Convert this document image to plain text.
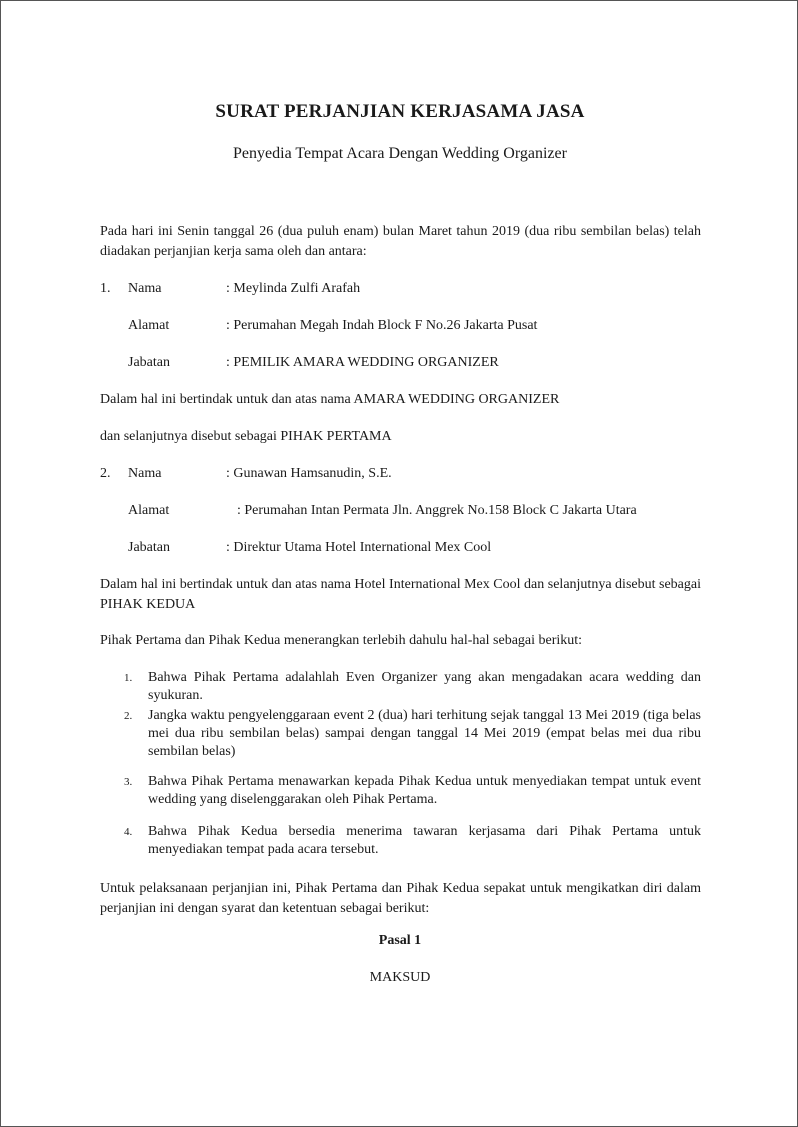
SURAT PERJANJIAN KERJASAMA JASA
Penyedia Tempat Acara Dengan Wedding Organizer
Pada hari ini Senin tanggal 26 (dua puluh enam) bulan Maret tahun 2019 (dua ribu sembilan belas) telah diadakan perjanjian kerja sama oleh dan antara:
1. Nama	: Meylinda Zulfi Arafah
Alamat	: Perumahan Megah Indah Block F No.26 Jakarta Pusat
Jabatan	: PEMILIK AMARA WEDDING ORGANIZER
Dalam hal ini bertindak untuk dan atas nama AMARA WEDDING ORGANIZER
dan selanjutnya disebut sebagai PIHAK PERTAMA
2. Nama	: Gunawan Hamsanudin, S.E.
Alamat	: Perumahan Intan Permata Jln. Anggrek No.158 Block C Jakarta Utara
Jabatan	: Direktur Utama Hotel International Mex Cool
Dalam hal ini bertindak untuk dan atas nama Hotel International Mex Cool dan selanjutnya disebut sebagai PIHAK KEDUA
Pihak Pertama dan Pihak Kedua menerangkan terlebih dahulu hal-hal sebagai berikut:
1. Bahwa Pihak Pertama adalahlah Even Organizer yang akan mengadakan acara wedding dan syukuran.
2. Jangka waktu pengyelenggaraan event 2 (dua) hari terhitung sejak tanggal 13 Mei 2019 (tiga belas mei dua ribu sembilan belas) sampai dengan tanggal 14 Mei 2019 (empat belas mei dua ribu sembilan belas)
3. Bahwa Pihak Pertama menawarkan kepada Pihak Kedua untuk menyediakan tempat untuk event wedding yang diselenggarakan oleh Pihak Pertama.
4. Bahwa Pihak Kedua bersedia menerima tawaran kerjasama dari Pihak Pertama untuk menyediakan tempat pada acara tersebut.
Untuk pelaksanaan perjanjian ini, Pihak Pertama dan Pihak Kedua sepakat untuk mengikatkan diri dalam perjanjian ini dengan syarat dan ketentuan sebagai berikut:
Pasal 1
MAKSUD
